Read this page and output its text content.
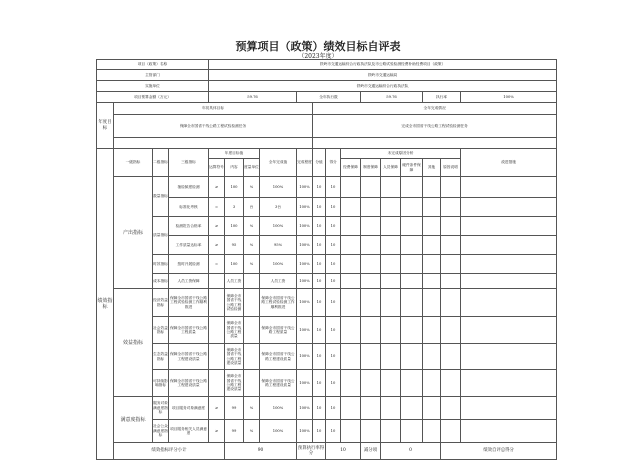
预算项目（政策）绩效目标自评表
（2023年度）
项目（政策）名称				铁岭市交通运输综合行政执法队及市公路试验检测经费补助经费项目（政策）														
主管部门				铁岭市交通运输局														
实施单位				铁岭市交通运输综合行政执法队														
项目预算金额（万元）				59.76				全年执行数				59.76			执行率		100%	
年度目标	年初具体目标								全年完成情况									
	保障全市国省干线公路工程试验检测任务								完成全市国省干线公路工程试验检测任务									

绩效指标	一级指标	二级指标	三级指标	年度目标值			全年完成值	完成程度	分值	得分	未完成原因分析						改进措施	
				运算符号	内容	度量单位					经费保障	制度保障	人员保障	硬件条件保障	其他	原因说明		
	产出指标	数量指标	抽检频度检测	≥	100	%	100%	100%	10	10								
			标准化考核	=	3	台	3台	100%	10	10								
		质量指标	检测报告合格率	≥	100	%	100%	100%	10	10								
			工作质量达标率	≥	95	%	95%	100%	10	10								
		时效指标	按时开展检测	=	100	%	100%	100%	10	10								
		成本指标	人员工资保障		人员工资		人员工资	100%	10	10								
	效益指标	经济效益指标	保障全市国省干线公路工程试验检测工作顺利推进		保障全市国省干线公路工程试验检测		保障全市国省干线公路工程试验检测工作顺利推进	100%	10	10								
		社会效益指标	保障全市国省干线公路工程质量		保障全市国省干线公路工程质量		保障全市国省干线公路工程质量	100%	10	10								
		生态效益指标	保障全市国省干线公路工程建设质量		保障全市国省干线公路工程建设质量		保障全市国省干线公路工程建设质量	100%	10	10								
		可持续影响指标	保障全市国省干线公路工程建设质量		保障全市国省干线公路工程建设质量		保障全市国省干线公路工程建设质量	100%	10	10								
	满意度指标	服务对象满意度指标	项目服务对象满意度	≥	99	%	100%	100%	10	10								
		社会公众满意度指标	项目服务相关人员满意度	≥	99	%	100%	100%	10	10								
	绩效指标评分小计				90			预算执行率得分		10		减分项	0			绩效自评总得分	
